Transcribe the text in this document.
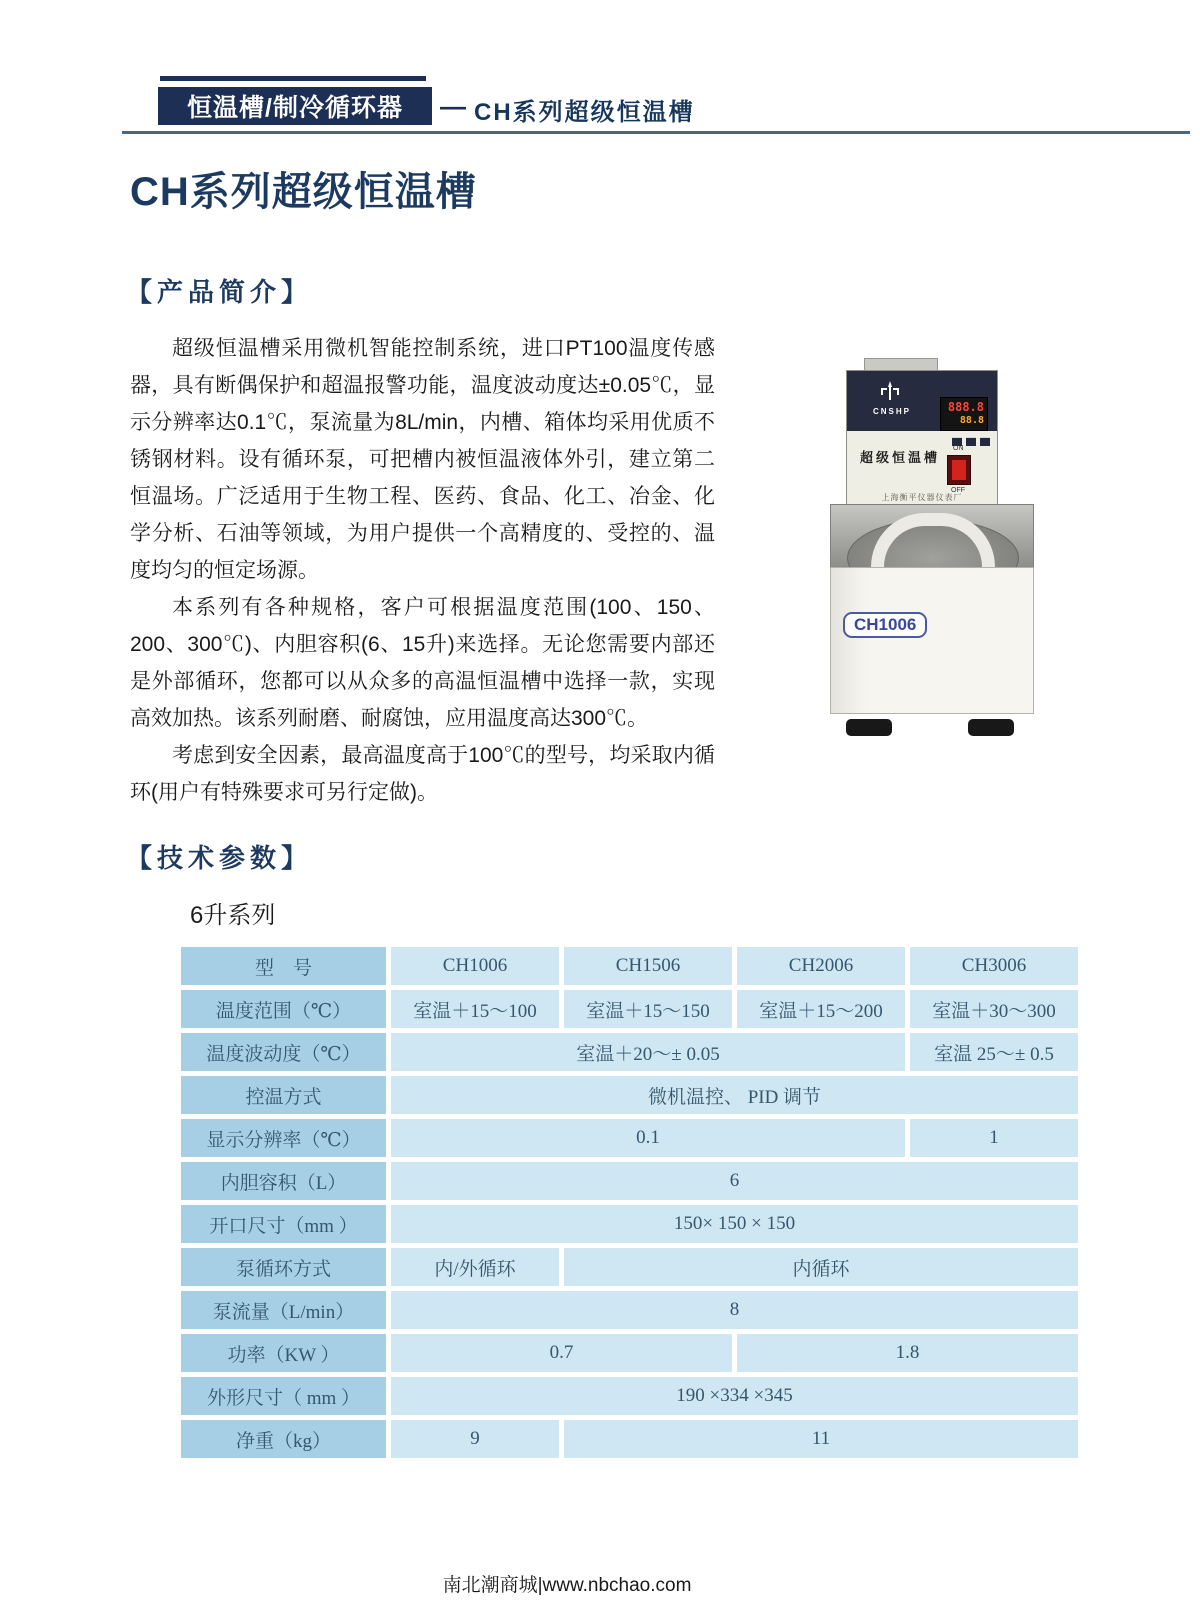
恒温槽/制冷循环器 — CH系列超级恒温槽
CH系列超级恒温槽
【产品简介】

超级恒温槽采用微机智能控制系统，进口PT100温度传感器，具有断偶保护和超温报警功能，温度波动度达±0.05℃，显示分辨率达0.1℃，泵流量为8L/min，内槽、箱体均采用优质不锈钢材料。设有循环泵，可把槽内被恒温液体外引，建立第二恒温场。广泛适用于生物工程、医药、食品、化工、冶金、化学分析、石油等领域，为用户提供一个高精度的、受控的、温度均匀的恒定场源。

本系列有各种规格，客户可根据温度范围(100、150、200、300℃)、内胆容积(6、15升)来选择。无论您需要内部还是外部循环，您都可以从众多的高温恒温槽中选择一款，实现高效加热。该系列耐磨、耐腐蚀，应用温度高达300℃。

考虑到安全因素，最高温度高于100℃的型号，均采取内循环(用户有特殊要求可另行定做)。

CNSHP	888.8
88.8
超级恒温槽
ON
OFF
上海衡平仪器仪表厂
CH1006
【技术参数】
6升系列
型　号	CH1006	CH1506	CH2006	CH3006
温度范围（℃）	室温＋15～100	室温＋15～150	室温＋15～200	室温＋30～300
温度波动度（℃）	室温＋20～± 0.05			室温 25～± 0.5
控温方式	微机温控、 PID 调节			
显示分辨率（℃）	0.1			1
内胆容积（L）	6			
开口尺寸（mm ）	150× 150 × 150			
泵循环方式	内/外循环	内循环		
泵流量（L/min）	8			
功率（KW ）	0.7		1.8	
外形尺寸（ mm ）	190 ×334 ×345			
净重（kg）	9	11		
南北潮商城|www.nbchao.com
